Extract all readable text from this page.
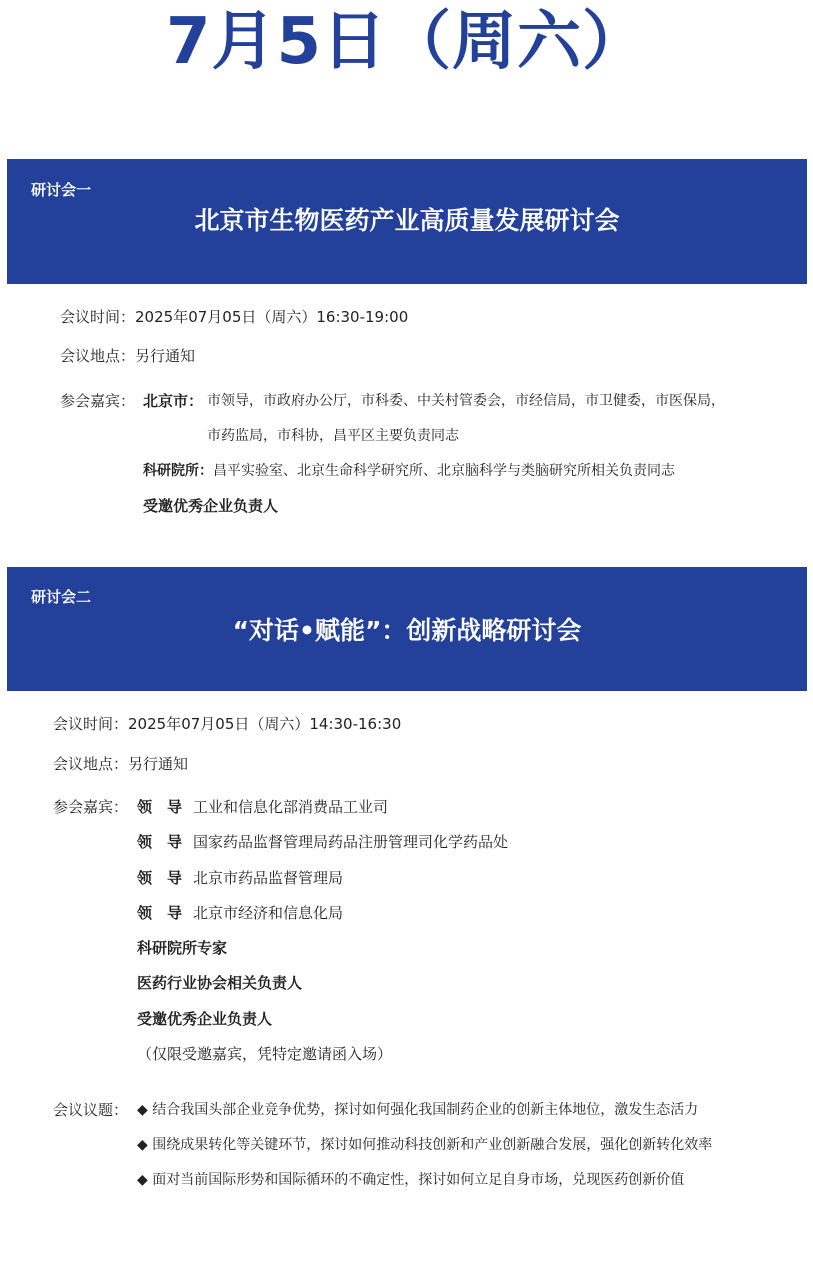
7月5日（周六）
研讨会一
北京市生物医药产业高质量发展研讨会
会议时间：2025年07月05日（周六）16:30-19:00
会议地点：另行通知
参会嘉宾： 北京市： 市领导，市政府办公厅，市科委、中关村管委会，市经信局，市卫健委，市医保局，
市药监局，市科协，昌平区主要负责同志
科研院所：昌平实验室、北京生命科学研究所、北京脑科学与类脑研究所相关负责同志
受邀优秀企业负责人
研讨会二
“对话•赋能”：创新战略研讨会
会议时间：2025年07月05日（周六）14:30-16:30
会议地点：另行通知
参会嘉宾： 领　导 工业和信息化部消费品工业司
领　导 国家药品监督管理局药品注册管理司化学药品处
领　导 北京市药品监督管理局
领　导 北京市经济和信息化局
科研院所专家
医药行业协会相关负责人
受邀优秀企业负责人
（仅限受邀嘉宾，凭特定邀请函入场）
会议议题： ◆ 结合我国头部企业竞争优势，探讨如何强化我国制药企业的创新主体地位，激发生态活力
◆ 围绕成果转化等关键环节，探讨如何推动科技创新和产业创新融合发展，强化创新转化效率
◆ 面对当前国际形势和国际循环的不确定性，探讨如何立足自身市场，兑现医药创新价值
